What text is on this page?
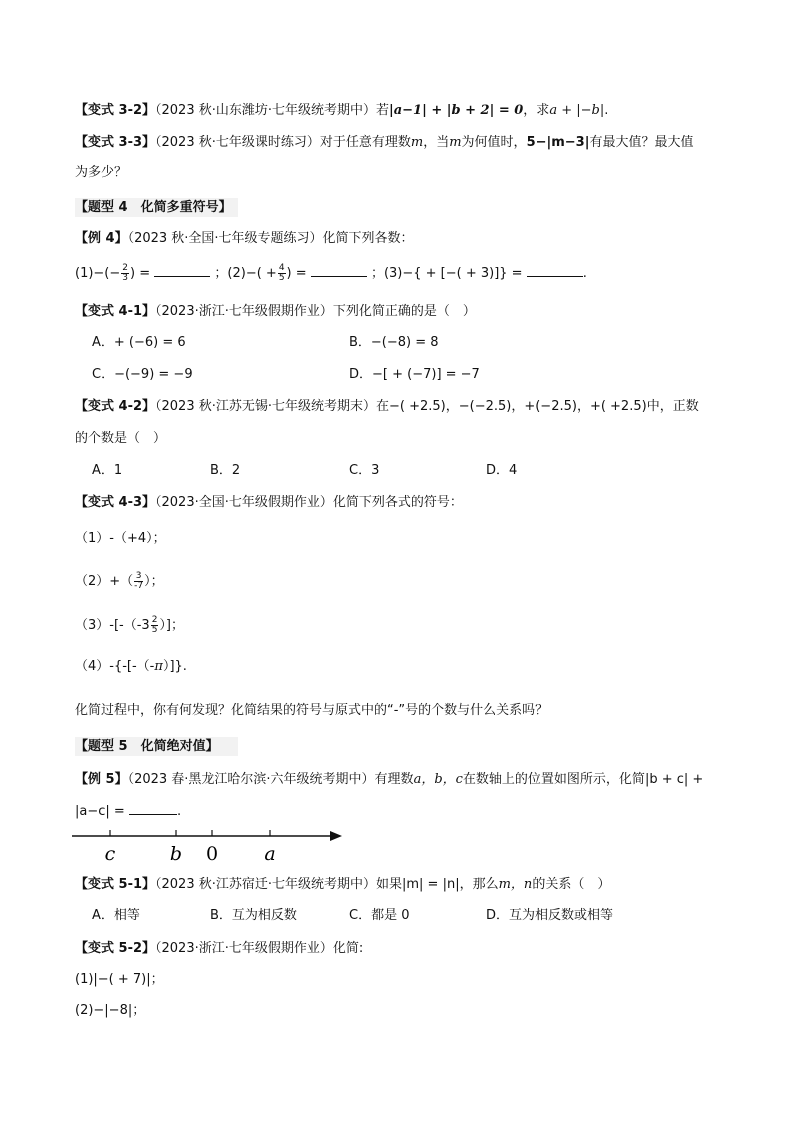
【变式 3-2】（2023 秋·山东潍坊·七年级统考期中）若|a−1| + |b + 2| = 0，求a + |−b|.
【变式 3-3】（2023 秋·七年级课时练习）对于任意有理数m，当m为何值时，5−|m−3|有最大值？最大值
为多少？
【题型 4　化简多重符号】
【例 4】（2023 秋·全国·七年级专题练习）化简下列各数：
$(1)-(- \frac{2}{3}$ ) =	；$(2)-( + \frac{4}{5}$ ) =	；(3)−{ + [−( + 3)]} =	.
【变式 4-1】（2023·浙江·七年级假期作业）下列化简正确的是（　）
A．+ (−6) = 6	B．−(−8) = 8
C．−(−9) = −9	D．−[ + (−7)] = −7
【变式 4-2】（2023 秋·江苏无锡·七年级统考期末）在−( +2.5)，−(−2.5)，+(−2.5)，+( +2.5)中，正数
的个数是（　）
A．1	B．2	C．3	D．4
【变式 4-3】（2023·全国·七年级假期作业）化简下列各式的符号：
（1）-（+4）；
$(2)+( \frac{3}{-7}$ ）；
$(3)-[-(-3 \frac{2}{5}$ ）]；
（4）-{-[-（-π）]}.
化简过程中，你有何发现？化简结果的符号与原式中的“-”号的个数与什么关系吗？
【题型 5　化简绝对值】
【例 5】（2023 春·黑龙江哈尔滨·六年级统考期中）有理数a，b，c在数轴上的位置如图所示，化简|b + c| +
|a−c| =	.
c	b 0 a
【变式 5-1】（2023 秋·江苏宿迁·七年级统考期中）如果|m| = |n|，那么m，n的关系（　）
A．相等	B．互为相反数	C．都是 0	D．互为相反数或相等
【变式 5-2】（2023·浙江·七年级假期作业）化简:
(1)|−( + 7)|；
(2)−|−8|；
